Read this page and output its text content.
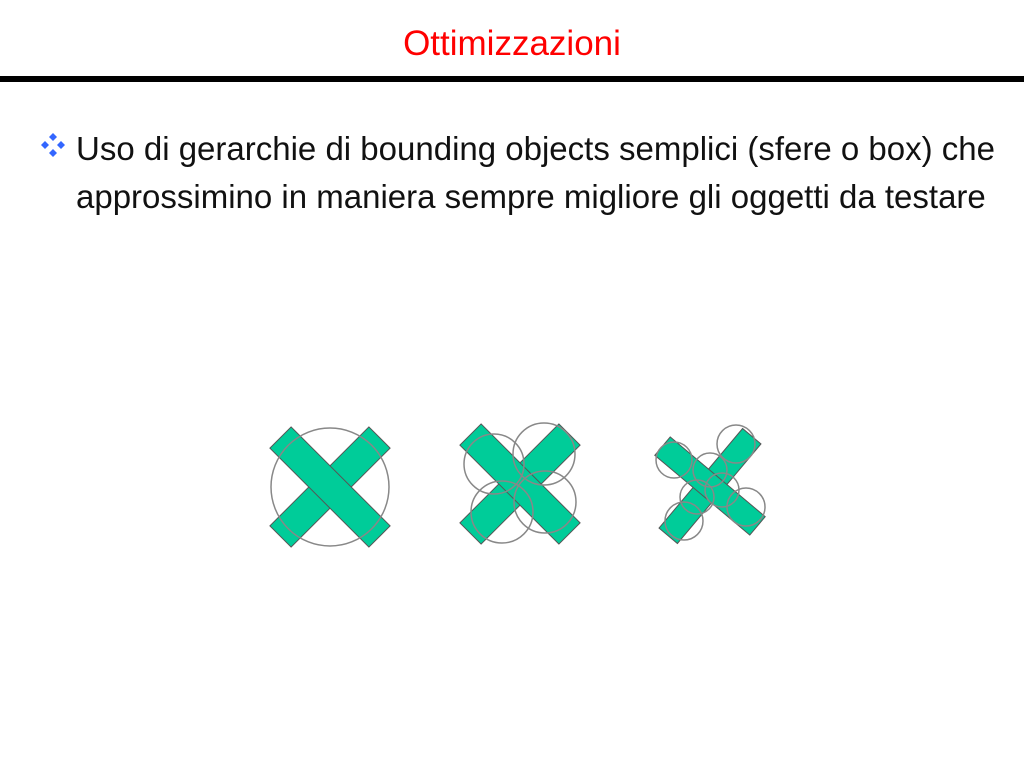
Ottimizzazioni
Uso di gerarchie di bounding objects semplici (sfere o box) che approssimino in maniera sempre migliore gli oggetti da testare
